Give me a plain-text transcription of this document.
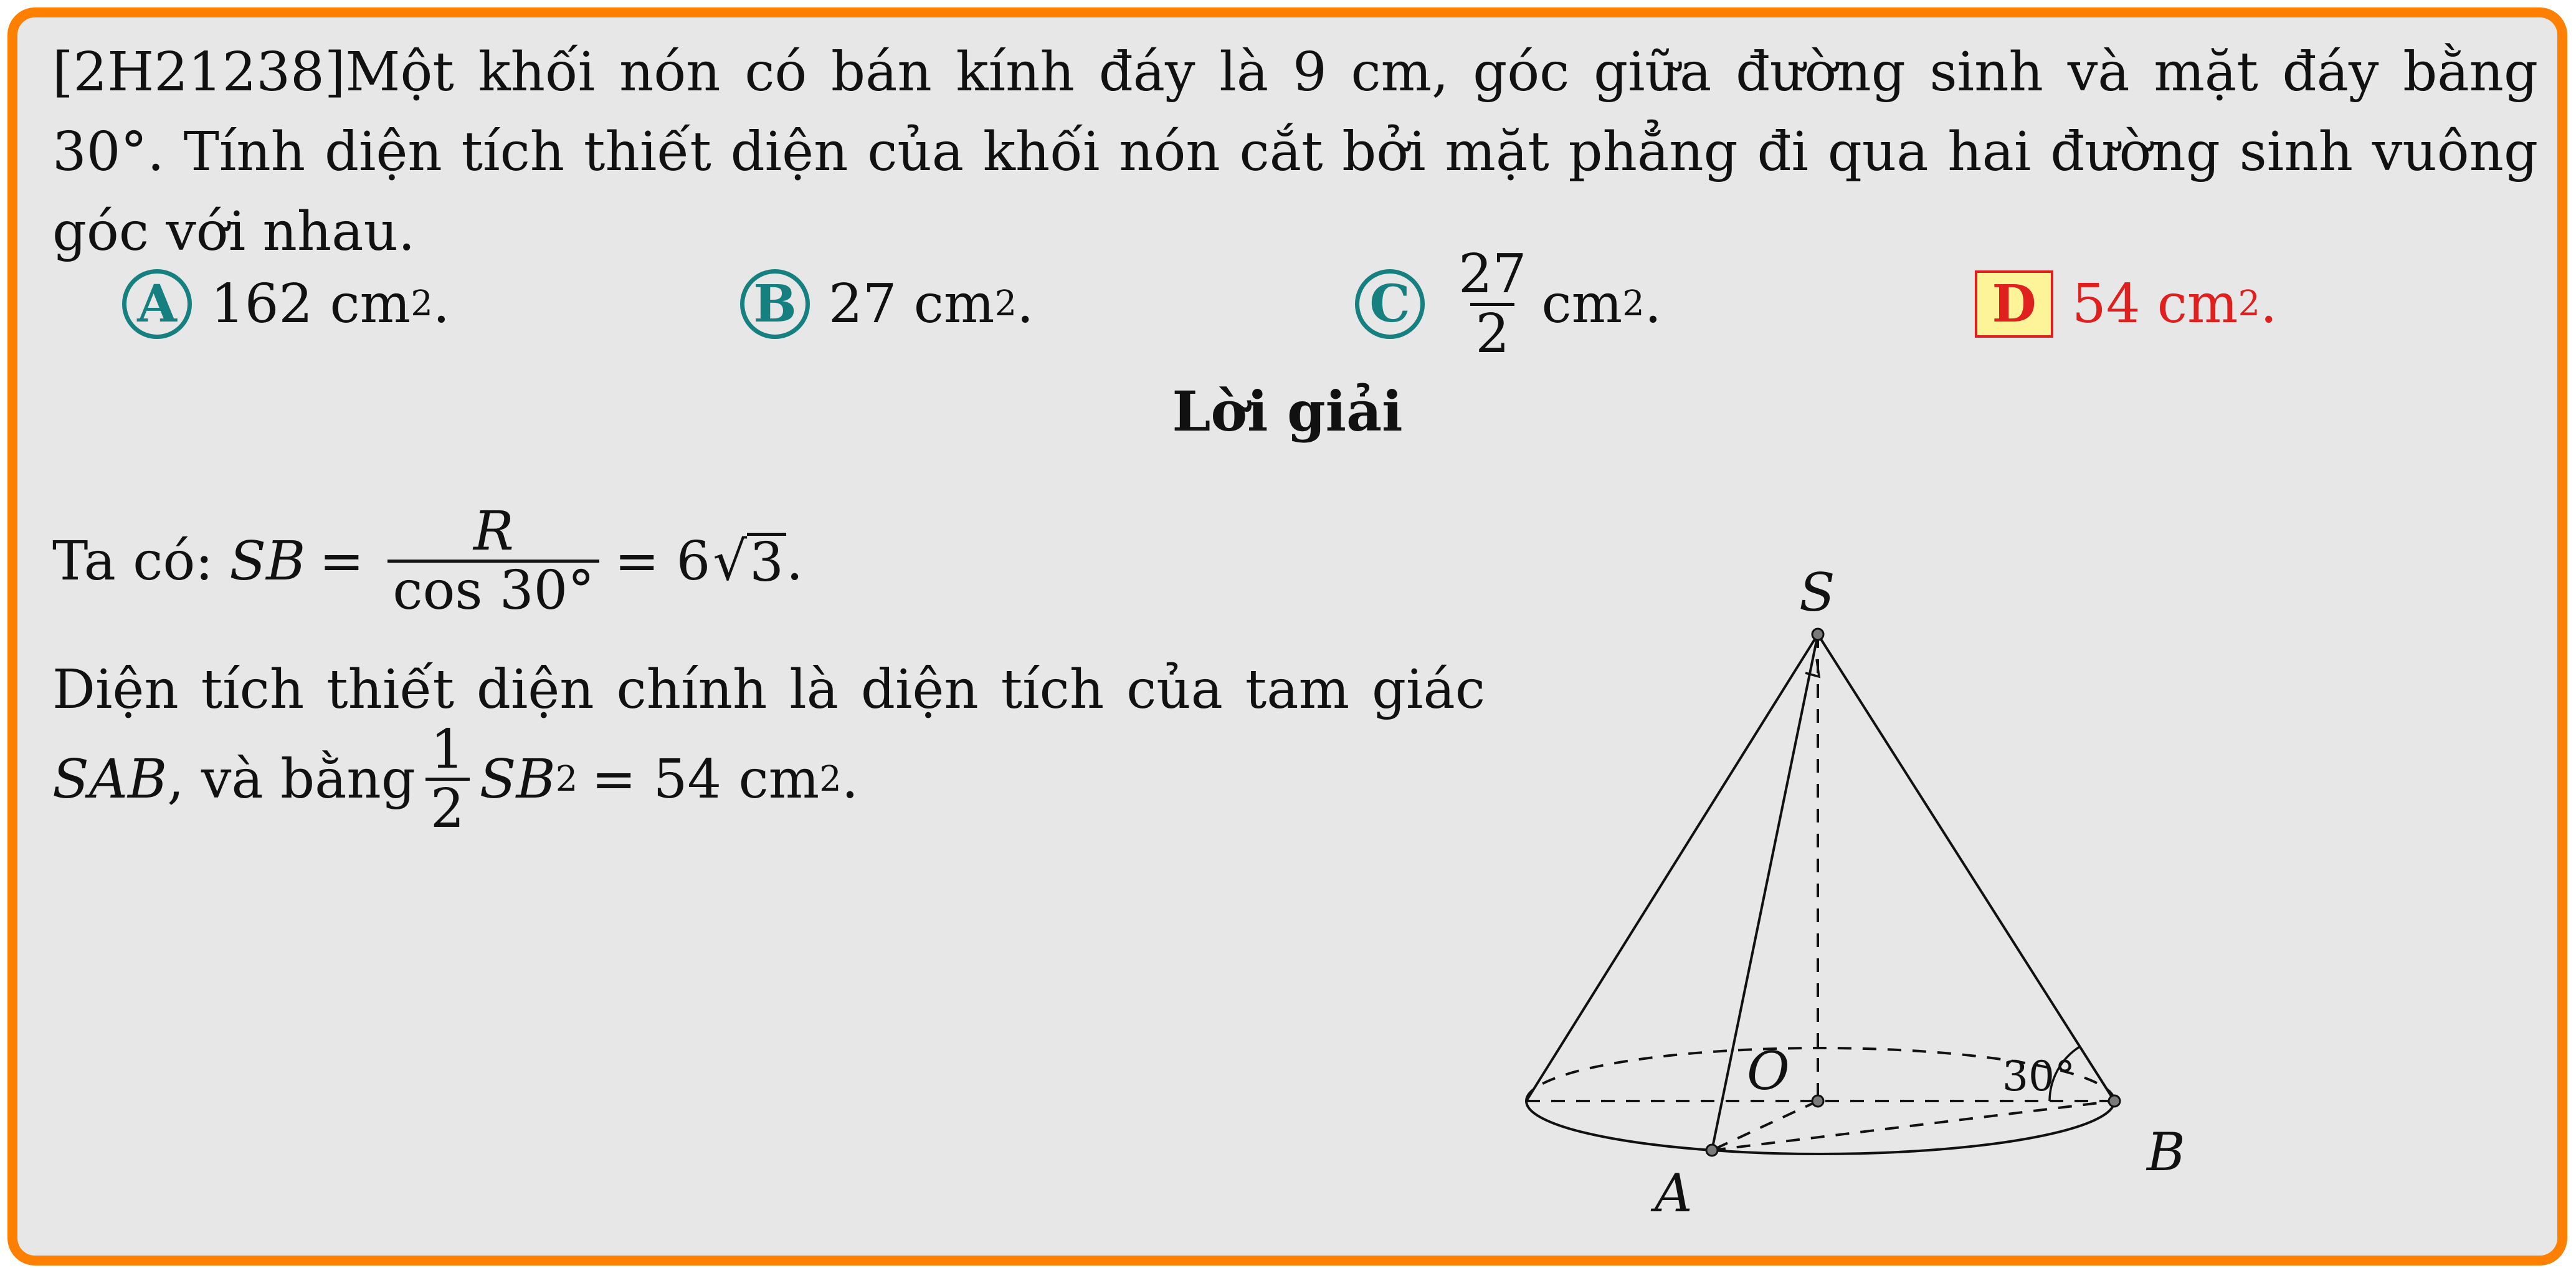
[2H21238]Một khối nón có bán kính đáy là 9 cm, góc giữa đường sinh và mặt đáy bằng 30°. Tính diện tích thiết diện của khối nón cắt bởi mặt phẳng đi qua hai đường sinh vuông góc với nhau.
A 162 cm 2 .	B 27 cm 2 .	C $\frac{27}{2}$ cm 2 .	D 54 cm 2 .
Lời giải
Ta có: SB = $\frac{R}{\cos 30^\circ} = 6$ √ 3 .
Diện tích thiết diện chính là diện tích của tam giác
SAB , và bằng $\frac{1}{2}$ SB 2 = 54 cm 2 .
S
O
A
B
30°
